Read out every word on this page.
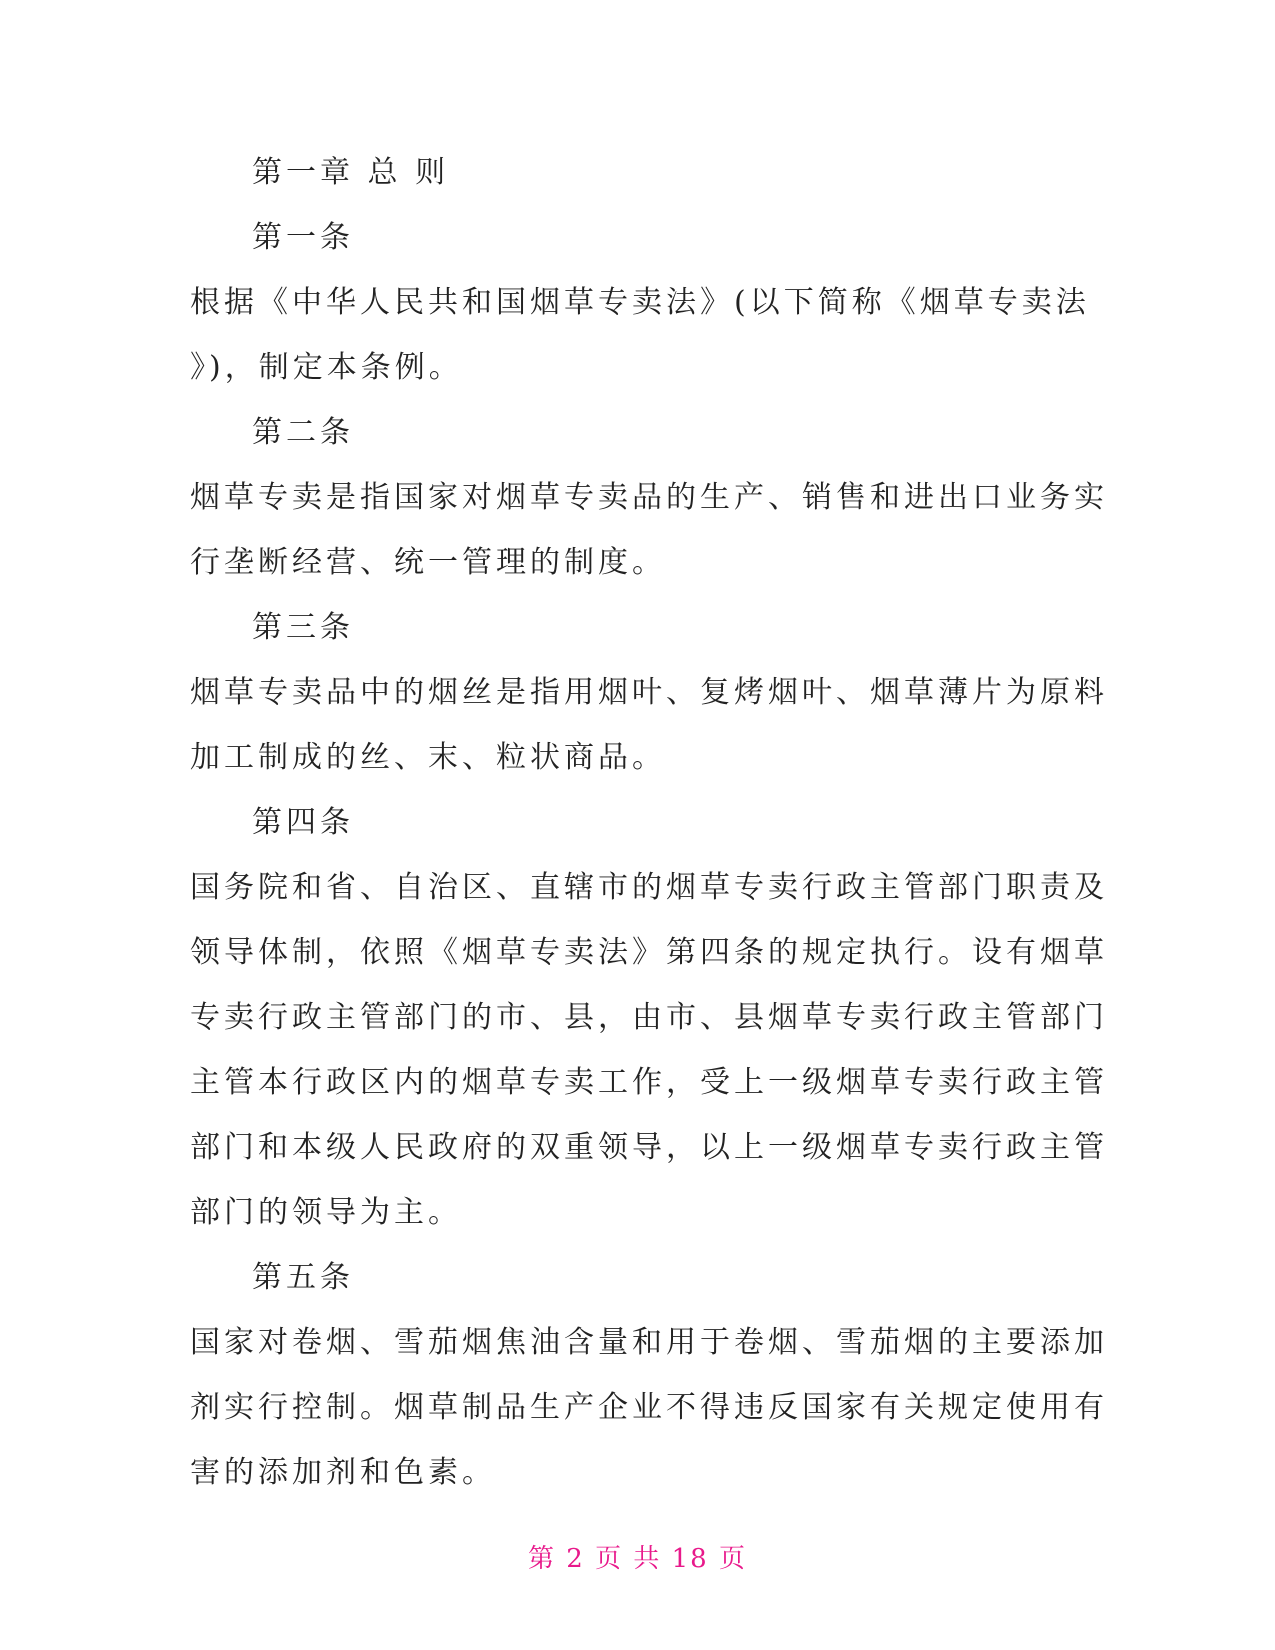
第一章 总 则
第一条
根据《中华人民共和国烟草专卖法》(以下简称《烟草专卖法
》)，制定本条例。
第二条
烟草专卖是指国家对烟草专卖品的生产、销售和进出口业务实
行垄断经营、统一管理的制度。
第三条
烟草专卖品中的烟丝是指用烟叶、复烤烟叶、烟草薄片为原料
加工制成的丝、末、粒状商品。
第四条
国务院和省、自治区、直辖市的烟草专卖行政主管部门职责及
领导体制，依照《烟草专卖法》第四条的规定执行。设有烟草
专卖行政主管部门的市、县，由市、县烟草专卖行政主管部门
主管本行政区内的烟草专卖工作，受上一级烟草专卖行政主管
部门和本级人民政府的双重领导，以上一级烟草专卖行政主管
部门的领导为主。
第五条
国家对卷烟、雪茄烟焦油含量和用于卷烟、雪茄烟的主要添加
剂实行控制。烟草制品生产企业不得违反国家有关规定使用有
害的添加剂和色素。
第 2 页 共 18 页
